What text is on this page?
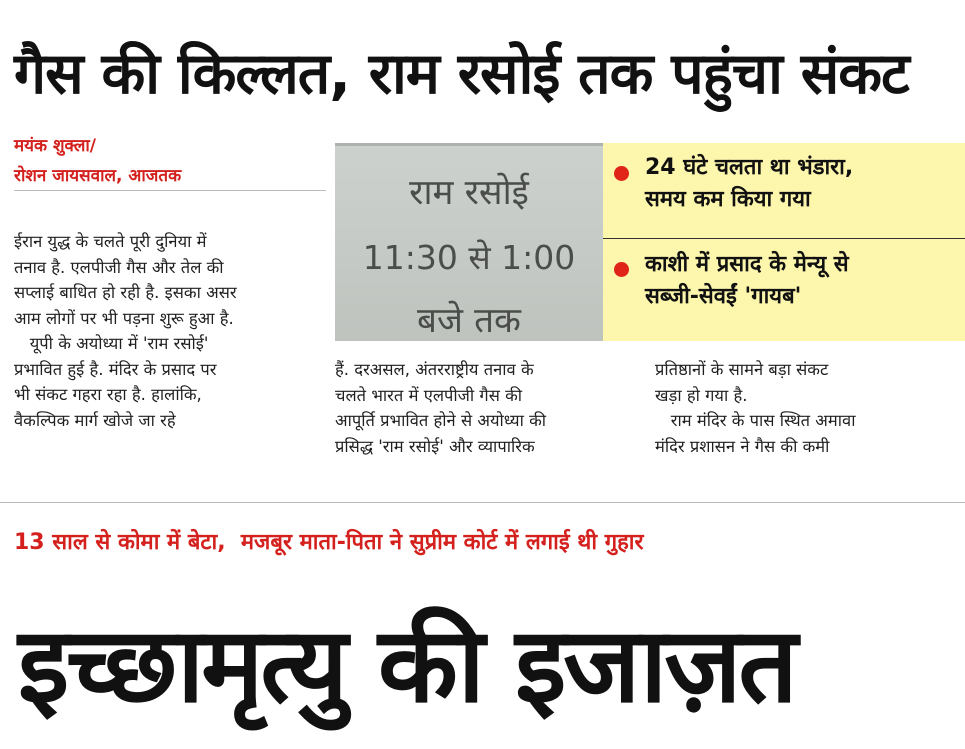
गैस की किल्लत, राम रसोई तक पहुंचा संकट
मयंक शुक्ला/
रोशन जायसवाल, आजतक

ईरान युद्ध के चलते पूरी दुनिया में

तनाव है. एलपीजी गैस और तेल की

सप्लाई बाधित हो रही है. इसका असर

आम लोगों पर भी पड़ना शुरू हुआ है.

यूपी के अयोध्या में 'राम रसोई'

प्रभावित हुई है. मंदिर के प्रसाद पर

भी संकट गहरा रहा है. हालांकि,

वैकल्पिक मार्ग खोजे जा रहे

राम रसोई
11:30 से 1:00
बजे तक
24 घंटे चलता था भंडारा,
समय कम किया गया
काशी में प्रसाद के मेन्यू से
सब्जी-सेवईं 'गायब'

हैं. दरअसल, अंतरराष्ट्रीय तनाव के

चलते भारत में एलपीजी गैस की

आपूर्ति प्रभावित होने से अयोध्या की

प्रसिद्ध 'राम रसोई' और व्यापारिक

प्रतिष्ठानों के सामने बड़ा संकट

खड़ा हो गया है.

राम मंदिर के पास स्थित अमावा

मंदिर प्रशासन ने गैस की कमी

13 साल से कोमा में बेटा,  मजबूर माता-पिता ने सुप्रीम कोर्ट में लगाई थी गुहार
इच्छामृत्यु की इजाज़त
